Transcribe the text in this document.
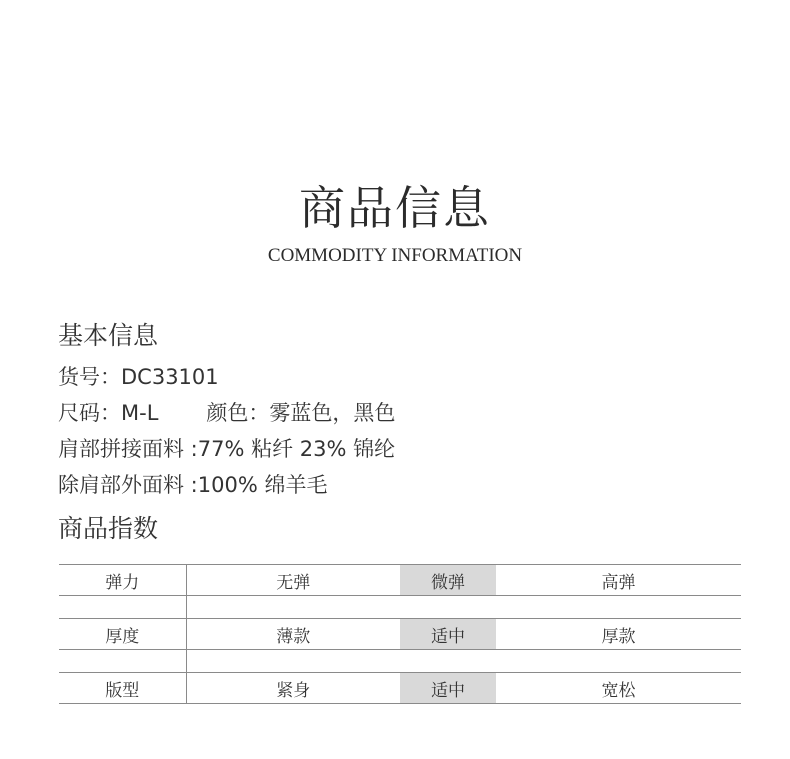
商品信息
COMMODITY INFORMATION
基本信息
货号：DC33101
尺码：M-L 颜色：雾蓝色，黑色
肩部拼接面料 :77% 粘纤 23% 锦纶
除肩部外面料 :100% 绵羊毛
商品指数
弹力	无弹	微弹	高弹

厚度	薄款	适中	厚款

版型	紧身	适中	宽松
